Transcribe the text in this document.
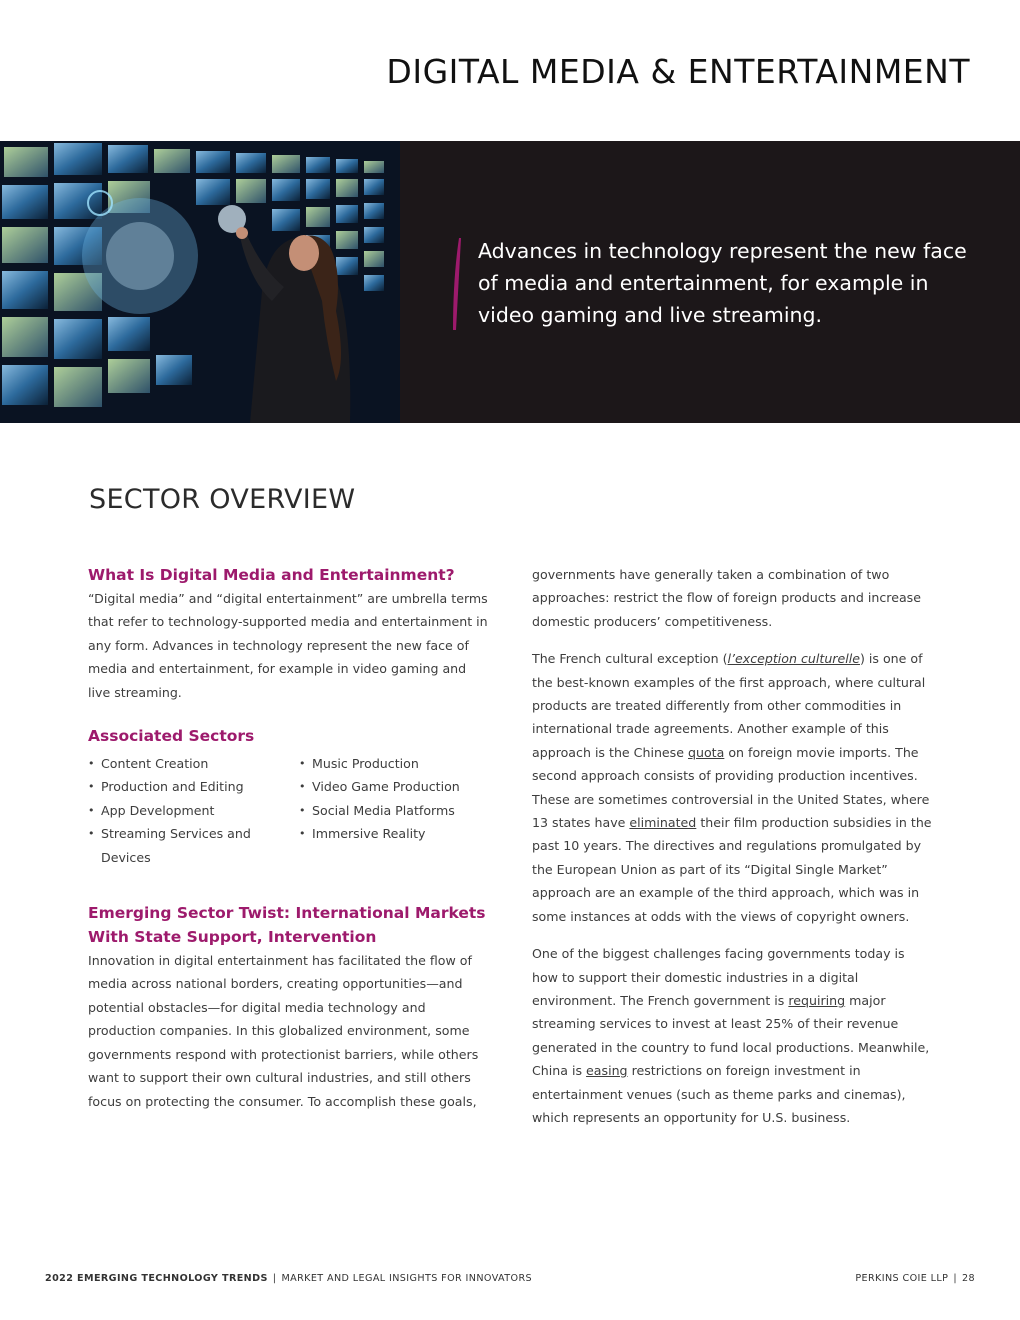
DIGITAL MEDIA & ENTERTAINMENT

Advances in technology represent the new face of media and entertainment, for example in video gaming and live streaming.

SECTOR OVERVIEW
What Is Digital Media and Entertainment?

“Digital media” and “digital entertainment” are umbrella terms that refer to technology-supported media and entertainment in any form. Advances in technology represent the new face of media and entertainment, for example in video gaming and live streaming.

Associated Sectors
• Content Creation
• Production and Editing
• App Development
• Streaming Services and Devices
• Music Production
• Video Game Production
• Social Media Platforms
• Immersive Reality
Emerging Sector Twist: International Markets With State Support, Intervention

Innovation in digital entertainment has facilitated the flow of media across national borders, creating opportunities—and potential obstacles—for digital media technology and production companies. In this globalized environment, some governments respond with protectionist barriers, while others want to support their own cultural industries, and still others focus on protecting the consumer. To accomplish these goals,

governments have generally taken a combination of two approaches: restrict the flow of foreign products and increase domestic producers’ competitiveness.

The French cultural exception (l’exception culturelle) is one of the best-known examples of the first approach, where cultural products are treated differently from other commodities in international trade agreements. Another example of this approach is the Chinese quota on foreign movie imports. The second approach consists of providing production incentives. These are sometimes controversial in the United States, where 13 states have eliminated their film production subsidies in the past 10 years. The directives and regulations promulgated by the European Union as part of its “Digital Single Market” approach are an example of the third approach, which was in some instances at odds with the views of copyright owners.

One of the biggest challenges facing governments today is how to support their domestic industries in a digital environment. The French government is requiring major streaming services to invest at least 25% of their revenue generated in the country to fund local productions. Meanwhile, China is easing restrictions on foreign investment in entertainment venues (such as theme parks and cinemas), which represents an opportunity for U.S. business.

2022 EMERGING TECHNOLOGY TRENDS | MARKET AND LEGAL INSIGHTS FOR INNOVATORS	PERKINS COIE LLP | 28
